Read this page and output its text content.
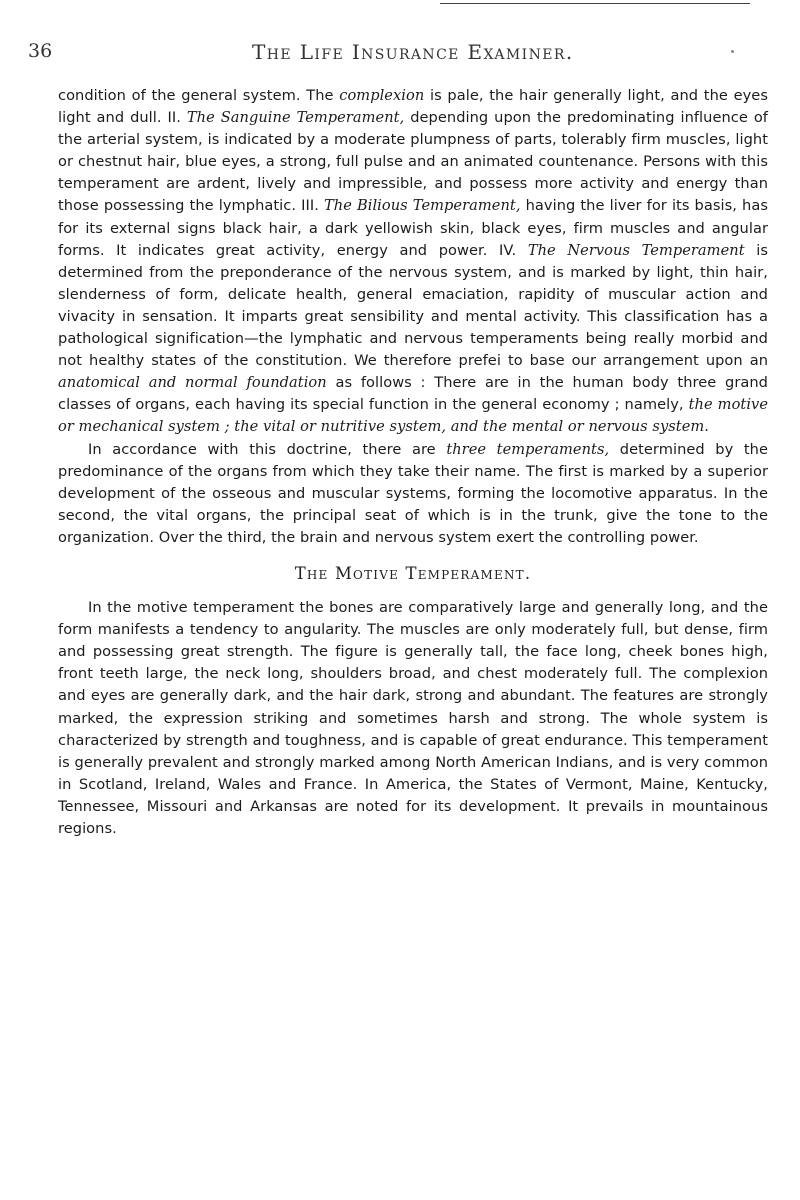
36	The Life Insurance Examiner.

condition of the general system. The complexion is pale, the hair generally light, and the eyes light and dull. II. The Sanguine Temperament, depending upon the predominating influence of the arterial system, is indicated by a moderate plumpness of parts, tolerably firm muscles, light or chestnut hair, blue eyes, a strong, full pulse and an animated countenance. Persons with this temperament are ardent, lively and impressible, and possess more activity and energy than those possessing the lymphatic. III. The Bilious Temperament, having the liver for its basis, has for its external signs black hair, a dark yellowish skin, black eyes, firm muscles and angular forms. It indicates great activity, energy and power. IV. The Nervous Temperament is determined from the preponderance of the nervous system, and is marked by light, thin hair, slenderness of form, delicate health, general emaciation, rapidity of muscular action and vivacity in sensation. It imparts great sensibility and mental activity. This classification has a pathological signification—the lymphatic and nervous temperaments being really morbid and not healthy states of the constitution. We therefore prefei to base our arrangement upon an anatomical and normal foundation as follows : There are in the human body three grand classes of organs, each having its special function in the general economy ; namely, the motive or mechanical system ; the vital or nutritive system, and the mental or nervous system.

In accordance with this doctrine, there are three temperaments, determined by the predominance of the organs from which they take their name. The first is marked by a superior development of the osseous and muscular systems, forming the locomotive apparatus. In the second, the vital organs, the principal seat of which is in the trunk, give the tone to the organization. Over the third, the brain and nervous system exert the controlling power.

The Motive Temperament.

In the motive temperament the bones are comparatively large and generally long, and the form manifests a tendency to angularity. The muscles are only moderately full, but dense, firm and possessing great strength. The figure is generally tall, the face long, cheek bones high, front teeth large, the neck long, shoulders broad, and chest moderately full. The complexion and eyes are generally dark, and the hair dark, strong and abundant. The features are strongly marked, the expression striking and sometimes harsh and strong. The whole system is characterized by strength and toughness, and is capable of great endurance. This temperament is generally prevalent and strongly marked among North American Indians, and is very common in Scotland, Ireland, Wales and France. In America, the States of Vermont, Maine, Kentucky, Tennessee, Missouri and Arkansas are noted for its development. It prevails in mountainous regions.
